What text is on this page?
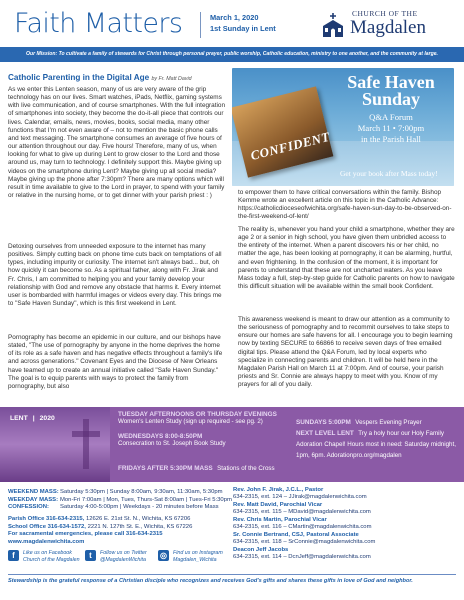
Faith Matters	March 1, 2020
1st Sunday in Lent
CHURCH OF THE
Magdalen
Our Mission: To cultivate a family of stewards for Christ through personal prayer, public worship, Catholic education, ministry to one another, and the community at large.
Catholic Parenting in the Digital Age by Fr. Matt David
As we enter this Lenten season, many of us are very aware of the grip technology has on our lives. Smart watches, iPads, Netflix, gaming systems with live communication, and of course smartphones. With the full integration of smartphones into society, they become the do-it-all piece that controls our lives. Calendar, emails, news, movies, books, social media, many other functions that I'm not even aware of – not to mention the basic phone calls and text messaging. The smartphone consumes an average of five hours of our attention throughout our day. Five hours! Therefore, many of us, when looking for what to give up during Lent to grow closer to the Lord and those around us, may turn to technology. I definitely support this. Maybe giving up videos on the smartphone during Lent? Maybe giving up all social media? Maybe giving up the phone after 7:30pm? There are many options which will result in time available to give to the Lord in prayer, to spend with your family or relative in the nursing home, or to get dinner with your parish priest : )
Detoxing ourselves from unneeded exposure to the internet has many positives. Simply cutting back on phone time cuts back on temptations of all types, including impurity or curiosity. The internet isn't always bad... but, oh how quickly it can become so. As a spiritual father, along with Fr. Jirak and Fr. Chris, I am committed to helping you and your family develop your relationship with God and remove any obstacle that harms it. Every internet user is bombarded with harmful images or videos every day. This brings me to "Safe Haven Sunday", which is this first weekend in Lent.
Pornography has become an epidemic in our culture, and our bishops have stated, "The use of pornography by anyone in the home deprives the home of its role as a safe haven and has negative effects throughout a family's life and across generations." Covenant Eyes and the Diocese of New Orleans have teamed up to create an annual initiative called "Safe Haven Sunday." The goal is to equip parents with ways to protect the family from pornography, but also
CONFIDENT
Safe Haven Sunday
Q&A Forum
March 11 • 7:00pm
in the Parish Hall
Get your book after Mass today!
to empower them to have critical conversations within the family. Bishop Kemme wrote an excellent article on this topic in the Catholic Advance: https://catholicdioceseofwichita.org/safe-haven-sun-day-to-be-observed-on-the-first-weekend-of-lent/
The reality is, whenever you hand your child a smartphone, whether they are age 2 or a senior in high school, you have given them unbridled access to the entirety of the internet. When a parent discovers his or her child, no matter the age, has been looking at pornography, it can be alarming, hurtful, and even frightening. In the confusion of the moment, it is important for parents to understand that these are not uncharted waters. As you leave Mass today a full, step-by-step guide for Catholic parents on how to navigate this difficult situation will be available within the small book Confident.
This awareness weekend is meant to draw our attention as a community to the seriousness of pornography and to recommit ourselves to take steps to ensure our homes are safe havens for all. I encourage you to begin learning now by texting SECURE to 66866 to receive seven days of free emailed digital tips. Please attend the Q&A Forum, led by local experts who specialize in connecting parents and children. It will be held here in the Magdalen Parish Hall on March 11 at 7:00pm. And of course, your parish priests and Sr. Connie are always happy to meet with you. Know of my prayers for all of you daily.
LENT | 2020
TUESDAY AFTERNOONS OR THURSDAY EVENINGS
Women's Lenten Study (sign up required - see pg. 2)
WEDNESDAYS 8:00-8:50PM
Consecration to St. Joseph Book Study
FRIDAYS AFTER 5:30PM MASS Stations of the Cross
SUNDAYS 5:00PM Vespers Evening Prayer
NEXT LEVEL LENT Try a holy hour our Holy Family Adoration Chapel! Hours most in need: Saturday midnight, 1pm, 6pm. Adorationpro.org/magdalen
WEEKEND MASS:Saturday 5:30pm | Sunday 8:00am, 9:30am, 11:30am, 5:30pm
WEEKDAY MASS: Mon-Fri 7:00am | Mon, Tues, Thurs-Sat 8:00am | Tues-Fri 5:30pm
CONFESSION: Saturday 4:00-5:00pm | Weekdays - 20 minutes before Mass
Parish Office 316-634-2315, 12626 E. 21st St. N., Wichita, KS 67206
School Office 316-634-1572, 2221 N. 127th St. E., Wichita, KS 67226
For sacramental emergencies, please call 316-634-2315
www.magdalenwichita.com
f	Like us on Facebook
Church of the Magdalen	t	Follow us on Twitter
@MagdalenWichita ◎	Find us on Instagram
Magdalen_Wichita
Rev. John F. Jirak, J.C.L., Pastor
634-2315, ext. 124 – JJirak@magdalenwichita.com
Rev. Matt David, Parochial Vicar
634-2315, ext. 115 – MDavid@magdalenwichita.com
Rev. Chris Martin, Parochial Vicar
634-2315, ext. 116 – CMartin@magdalenwichita.com
Sr. Connie Bertrand, CSJ, Pastoral Associate
634-2315, ext. 118 – SrConnie@magdalenwichita.com
Deacon Jeff Jacobs
634-2315, ext. 114 – DcnJeff@magdalenwichita.com
Stewardship is the grateful response of a Christian disciple who recognizes and receives God's gifts and shares these gifts in love of God and neighbor.
